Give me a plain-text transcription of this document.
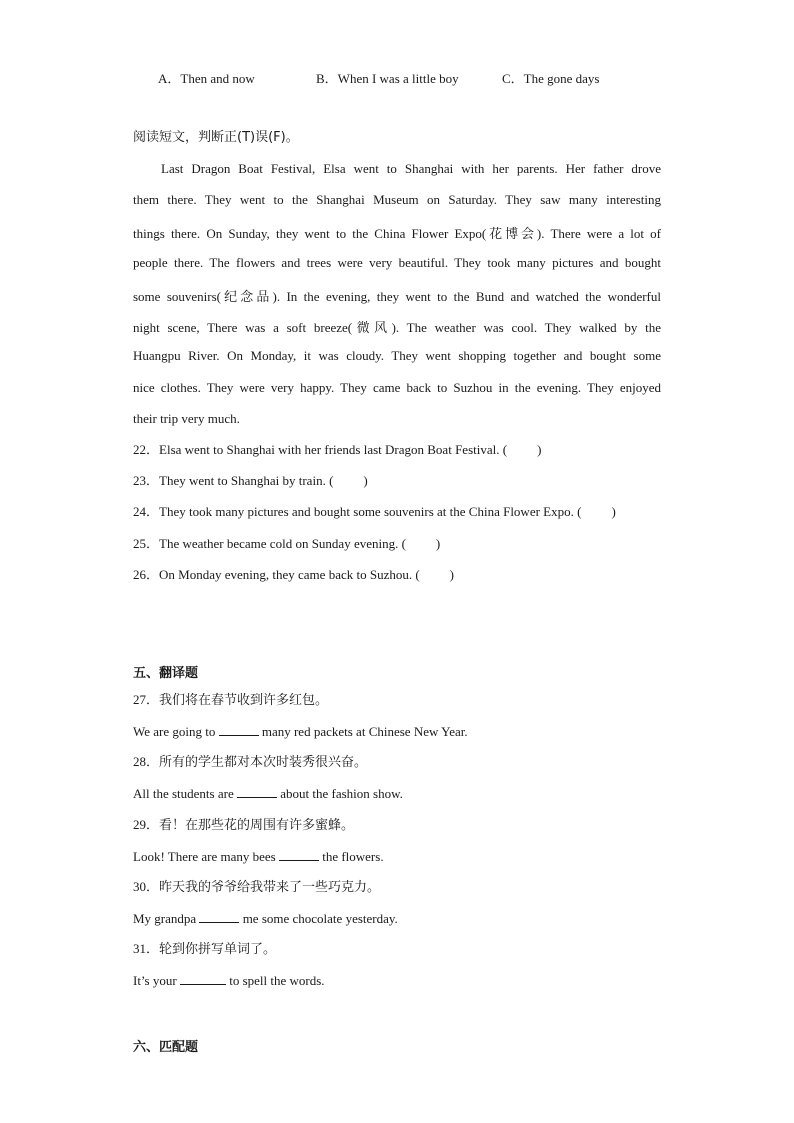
A．Then and now	B．When I was a little boy	C．The gone days
阅读短文，判断正(T)误(F)。
Last Dragon Boat Festival, Elsa went to Shanghai with her parents. Her father drove
them there. They went to the Shanghai Museum on Saturday. They saw many interesting
things there. On Sunday, they went to the China Flower Expo(花博会). There were a lot of
people there. The flowers and trees were very beautiful. They took many pictures and bought
some souvenirs(纪念品). In the evening, they went to the Bund and watched the wonderful
night scene, There was a soft breeze(微风). The weather was cool. They walked by the
Huangpu River. On Monday, it was cloudy. They went shopping together and bought some
nice clothes. They were very happy. They came back to Suzhou in the evening. They enjoyed
their trip very much.
22．Elsa went to Shanghai with her friends last Dragon Boat Festival. ( )
23．They went to Shanghai by train. ( )
24．They took many pictures and bought some souvenirs at the China Flower Expo. ( )
25．The weather became cold on Sunday evening. ( )
26．On Monday evening, they came back to Suzhou. ( )
五、翻译题
27．我们将在春节收到许多红包。
We are going to	many red packets at Chinese New Year.
28．所有的学生都对本次时装秀很兴奋。
All the students are	about the fashion show.
29．看！在那些花的周围有许多蜜蜂。
Look! There are many bees	the flowers.
30．昨天我的爷爷给我带来了一些巧克力。
My grandpa	me some chocolate yesterday.
31．轮到你拼写单词了。
It’s your	to spell the words.
六、匹配题
